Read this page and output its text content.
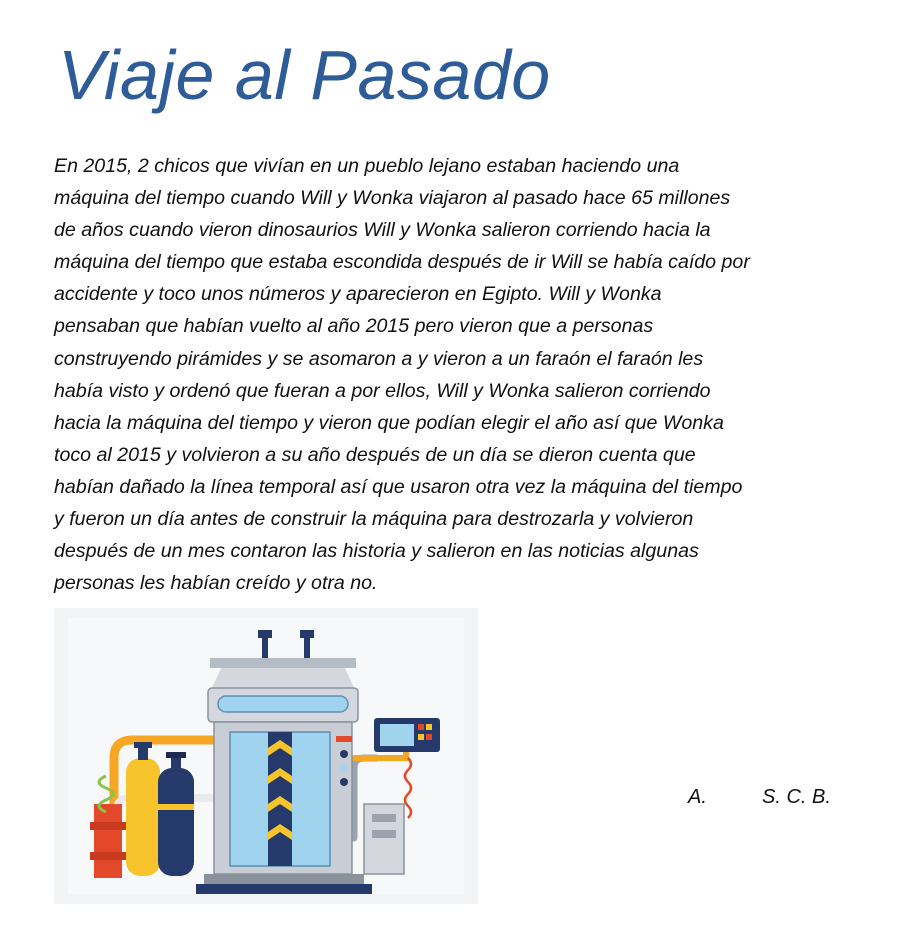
Viaje al Pasado
En 2015, 2 chicos que vivían en un pueblo lejano estaban haciendo una
máquina del tiempo cuando Will y Wonka viajaron al pasado hace 65 millones
de años cuando vieron dinosaurios Will y Wonka salieron corriendo hacia la
máquina del tiempo que estaba escondida después de ir Will se había caído por
accidente y toco unos números y aparecieron en Egipto. Will y Wonka
pensaban que habían vuelto al año 2015 pero vieron que a personas
construyendo pirámides y se asomaron a y vieron a un faraón el faraón les
había visto y ordenó que fueran a por ellos, Will y Wonka salieron corriendo
hacia la máquina del tiempo y vieron que podían elegir el año así que Wonka
toco al 2015 y volvieron a su año después de un día se dieron cuenta que
habían dañado la línea temporal así que usaron otra vez la máquina del tiempo
y fueron un día antes de construir la máquina para destrozarla y volvieron
después de un mes contaron las historia y salieron en las noticias algunas
personas les habían creído y otra no.
A.	S. C. B.
